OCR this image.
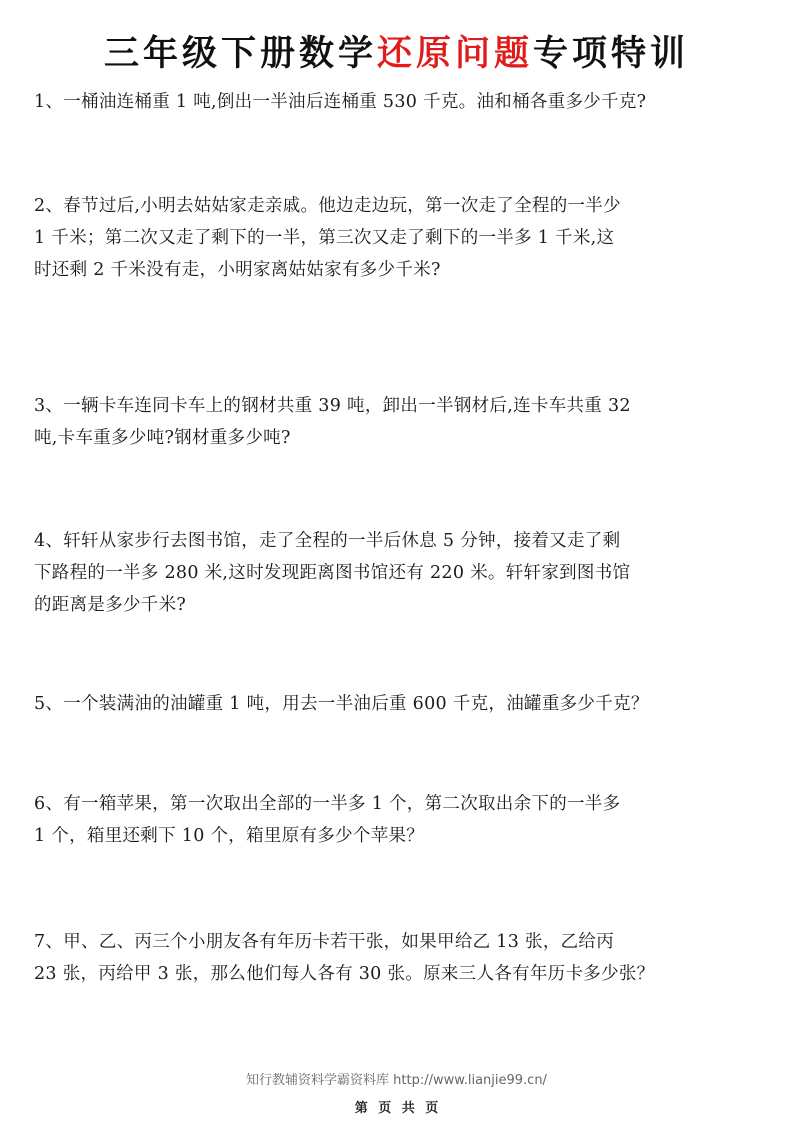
三年级下册数学还原问题专项特训
1、一桶油连桶重 1 吨,倒出一半油后连桶重 530 千克。油和桶各重多少千克?
2、春节过后,小明去姑姑家走亲戚。他边走边玩，第一次走了全程的一半少
1 千米；第二次又走了剩下的一半，第三次又走了剩下的一半多 1 千米,这
时还剩 2 千米没有走，小明家离姑姑家有多少千米?
3、一辆卡车连同卡车上的钢材共重 39 吨，卸出一半钢材后,连卡车共重 32
吨,卡车重多少吨?钢材重多少吨?
4、轩轩从家步行去图书馆，走了全程的一半后休息 5 分钟，接着又走了剩
下路程的一半多 280 米,这时发现距离图书馆还有 220 米。轩轩家到图书馆
的距离是多少千米?
5、一个装满油的油罐重 1 吨，用去一半油后重 600 千克，油罐重多少千克？
6、有一箱苹果，第一次取出全部的一半多 1 个，第二次取出余下的一半多
1 个，箱里还剩下 10 个，箱里原有多少个苹果？
7、甲、乙、丙三个小朋友各有年历卡若干张，如果甲给乙 13 张，乙给丙
23 张，丙给甲 3 张，那么他们每人各有 30 张。原来三人各有年历卡多少张？
知行教辅资料学霸资料库 http://www.lianjie99.cn/
第 页 共 页
